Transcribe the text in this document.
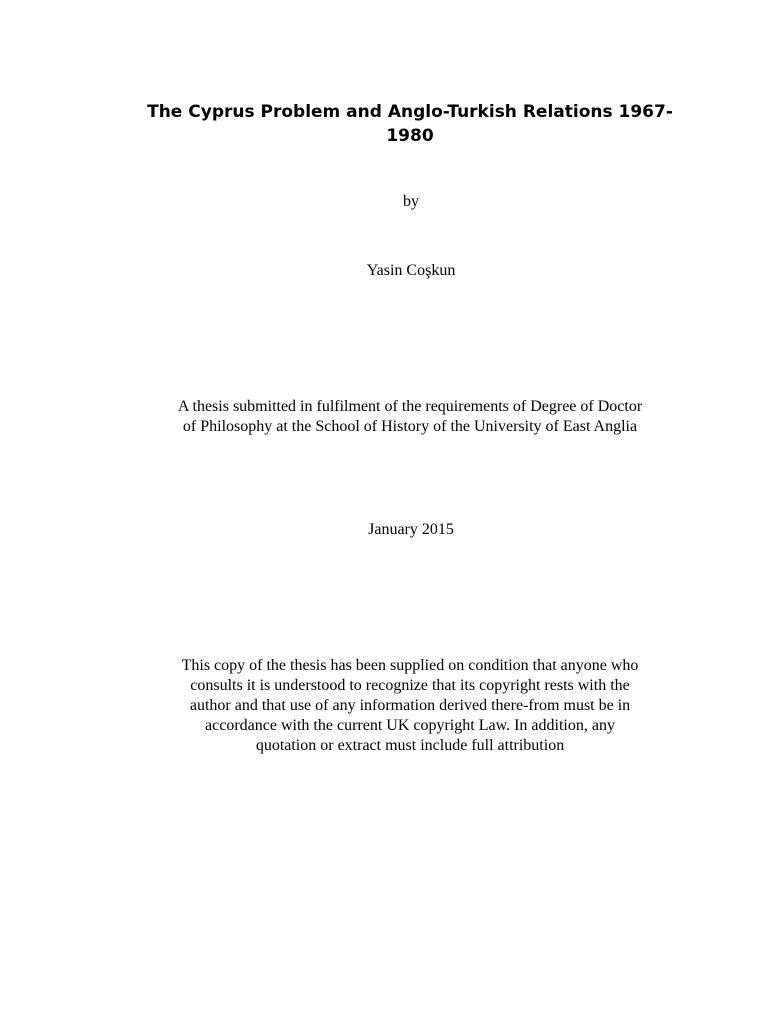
The Cyprus Problem and Anglo-Turkish Relations 1967-
1980
by
Yasin Coşkun
A thesis submitted in fulfilment of the requirements of Degree of Doctor
of Philosophy at the School of History of the University of East Anglia
January 2015
This copy of the thesis has been supplied on condition that anyone who
consults it is understood to recognize that its copyright rests with the
author and that use of any information derived there-from must be in
accordance with the current UK copyright Law. In addition, any
quotation or extract must include full attribution
